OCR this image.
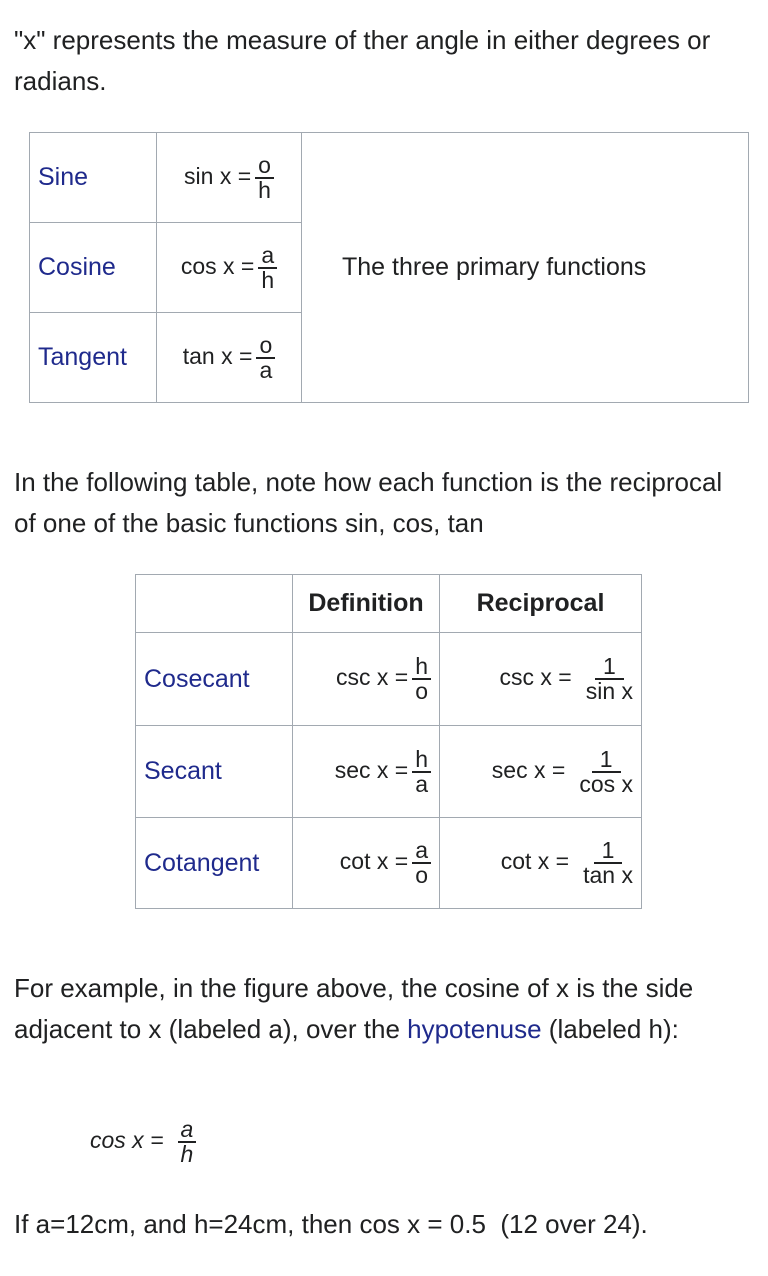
"x" represents the measure of ther angle in either degrees or radians.
Sine	$\sin x = \frac{o}{h}$	The three primary functions
Cosine	$\cos x = \frac{a}{h}$

Tangent	$\tan x = \frac{o}{a}$
In the following table, note how each function is the reciprocal of one of the basic functions sin, cos, tan
	Definition	Reciprocal
Cosecant	$\csc x = \frac{h}{o}$	$\csc x = \frac{1}{\text{sin x}}$

Secant	$\sec x = \frac{h}{a}$	$\sec x = \frac{1}{\text{cos x}}$

Cotangent	$\cot x = \frac{a}{o}$	$\cot x = \frac{1}{\text{tan x}}$
For example, in the figure above, the cosine of x is the side adjacent to x (labeled a), over the hypotenuse (labeled h):
$\cos x = \frac{a}{h}$
If a=12cm, and h=24cm, then cos x = 0.5  (12 over 24).
